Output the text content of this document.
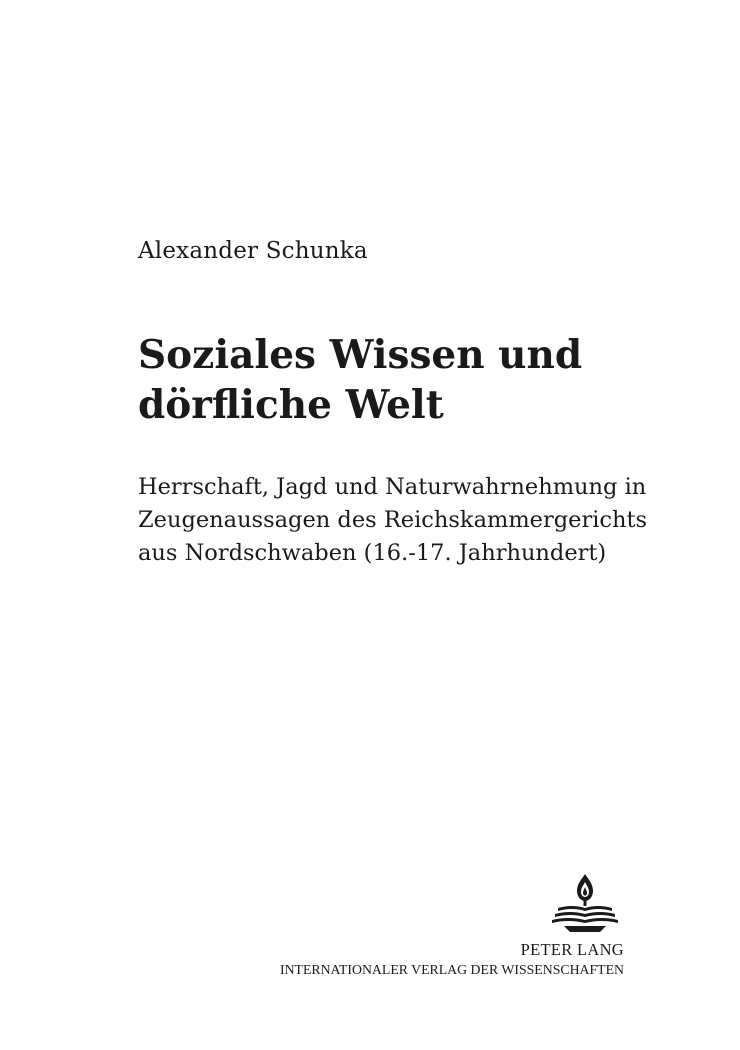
Alexander Schunka
Soziales Wissen und
dörfliche Welt
Herrschaft, Jagd und Naturwahrnehmung in
Zeugenaussagen des Reichskammergerichts
aus Nordschwaben (16.-17. Jahrhundert)
PETER LANG
INTERNATIONALER VERLAG DER WISSENSCHAFTEN
